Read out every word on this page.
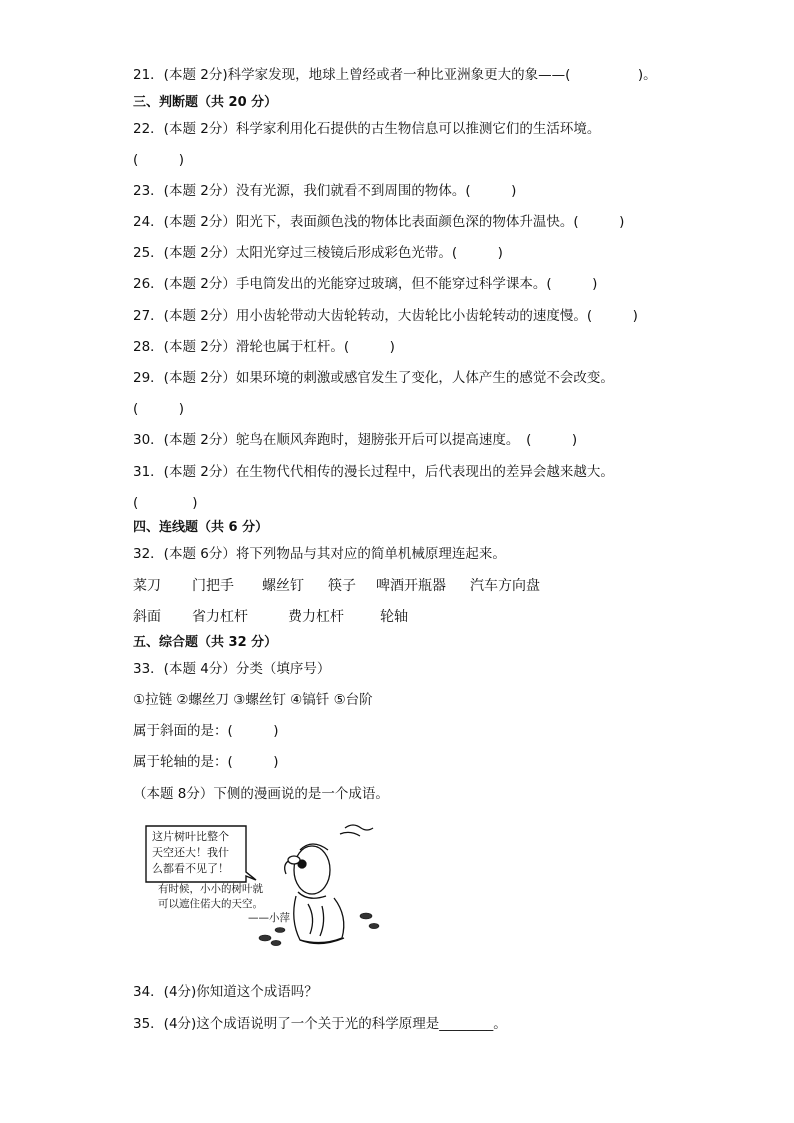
21．(本题 2分)科学家发现，地球上曾经或者一种比亚洲象更大的象——(　　　　　)。
三、判断题（共 20 分）
22．(本题 2分）科学家利用化石提供的古生物信息可以推测它们的生活环境。
(　　　)
23．(本题 2分）没有光源，我们就看不到周围的物体。(　　　)
24．(本题 2分）阳光下，表面颜色浅的物体比表面颜色深的物体升温快。(　　　)
25．(本题 2分）太阳光穿过三棱镜后形成彩色光带。(　　　)
26．(本题 2分）手电筒发出的光能穿过玻璃，但不能穿过科学课本。(　　　)
27．(本题 2分）用小齿轮带动大齿轮转动，大齿轮比小齿轮转动的速度慢。(　　　)
28．(本题 2分）滑轮也属于杠杆。(　　　)
29．(本题 2分）如果环境的刺激或感官发生了变化，人体产生的感觉不会改变。
(　　　)
30．(本题 2分）鸵鸟在顺风奔跑时，翅膀张开后可以提高速度。　(　　　)
31．(本题 2分）在生物代代相传的漫长过程中，后代表现出的差异会越来越大。
(　　　　)
四、连线题（共 6 分）
32．(本题 6分）将下列物品与其对应的简单机械原理连起来。
菜刀 门把手 螺丝钉 筷子 啤酒开瓶器 汽车方向盘
斜面 省力杠杆	费力杠杆	轮轴
五、综合题（共 32 分）
33．(本题 4分）分类（填序号）
①拉链 ②螺丝刀 ③螺丝钉 ④镐钎 ⑤台阶
属于斜面的是：(　　　)
属于轮轴的是：(　　　)
（本题 8分）下侧的漫画说的是一个成语。
这片树叶比整个
天空还大！我什
么都看不见了！
有时候，小小的树叶就
可以遮住偌大的天空。
——小萍
34．(4分)你知道这个成语吗？
35．(4分)这个成语说明了一个关于光的科学原理是________。
